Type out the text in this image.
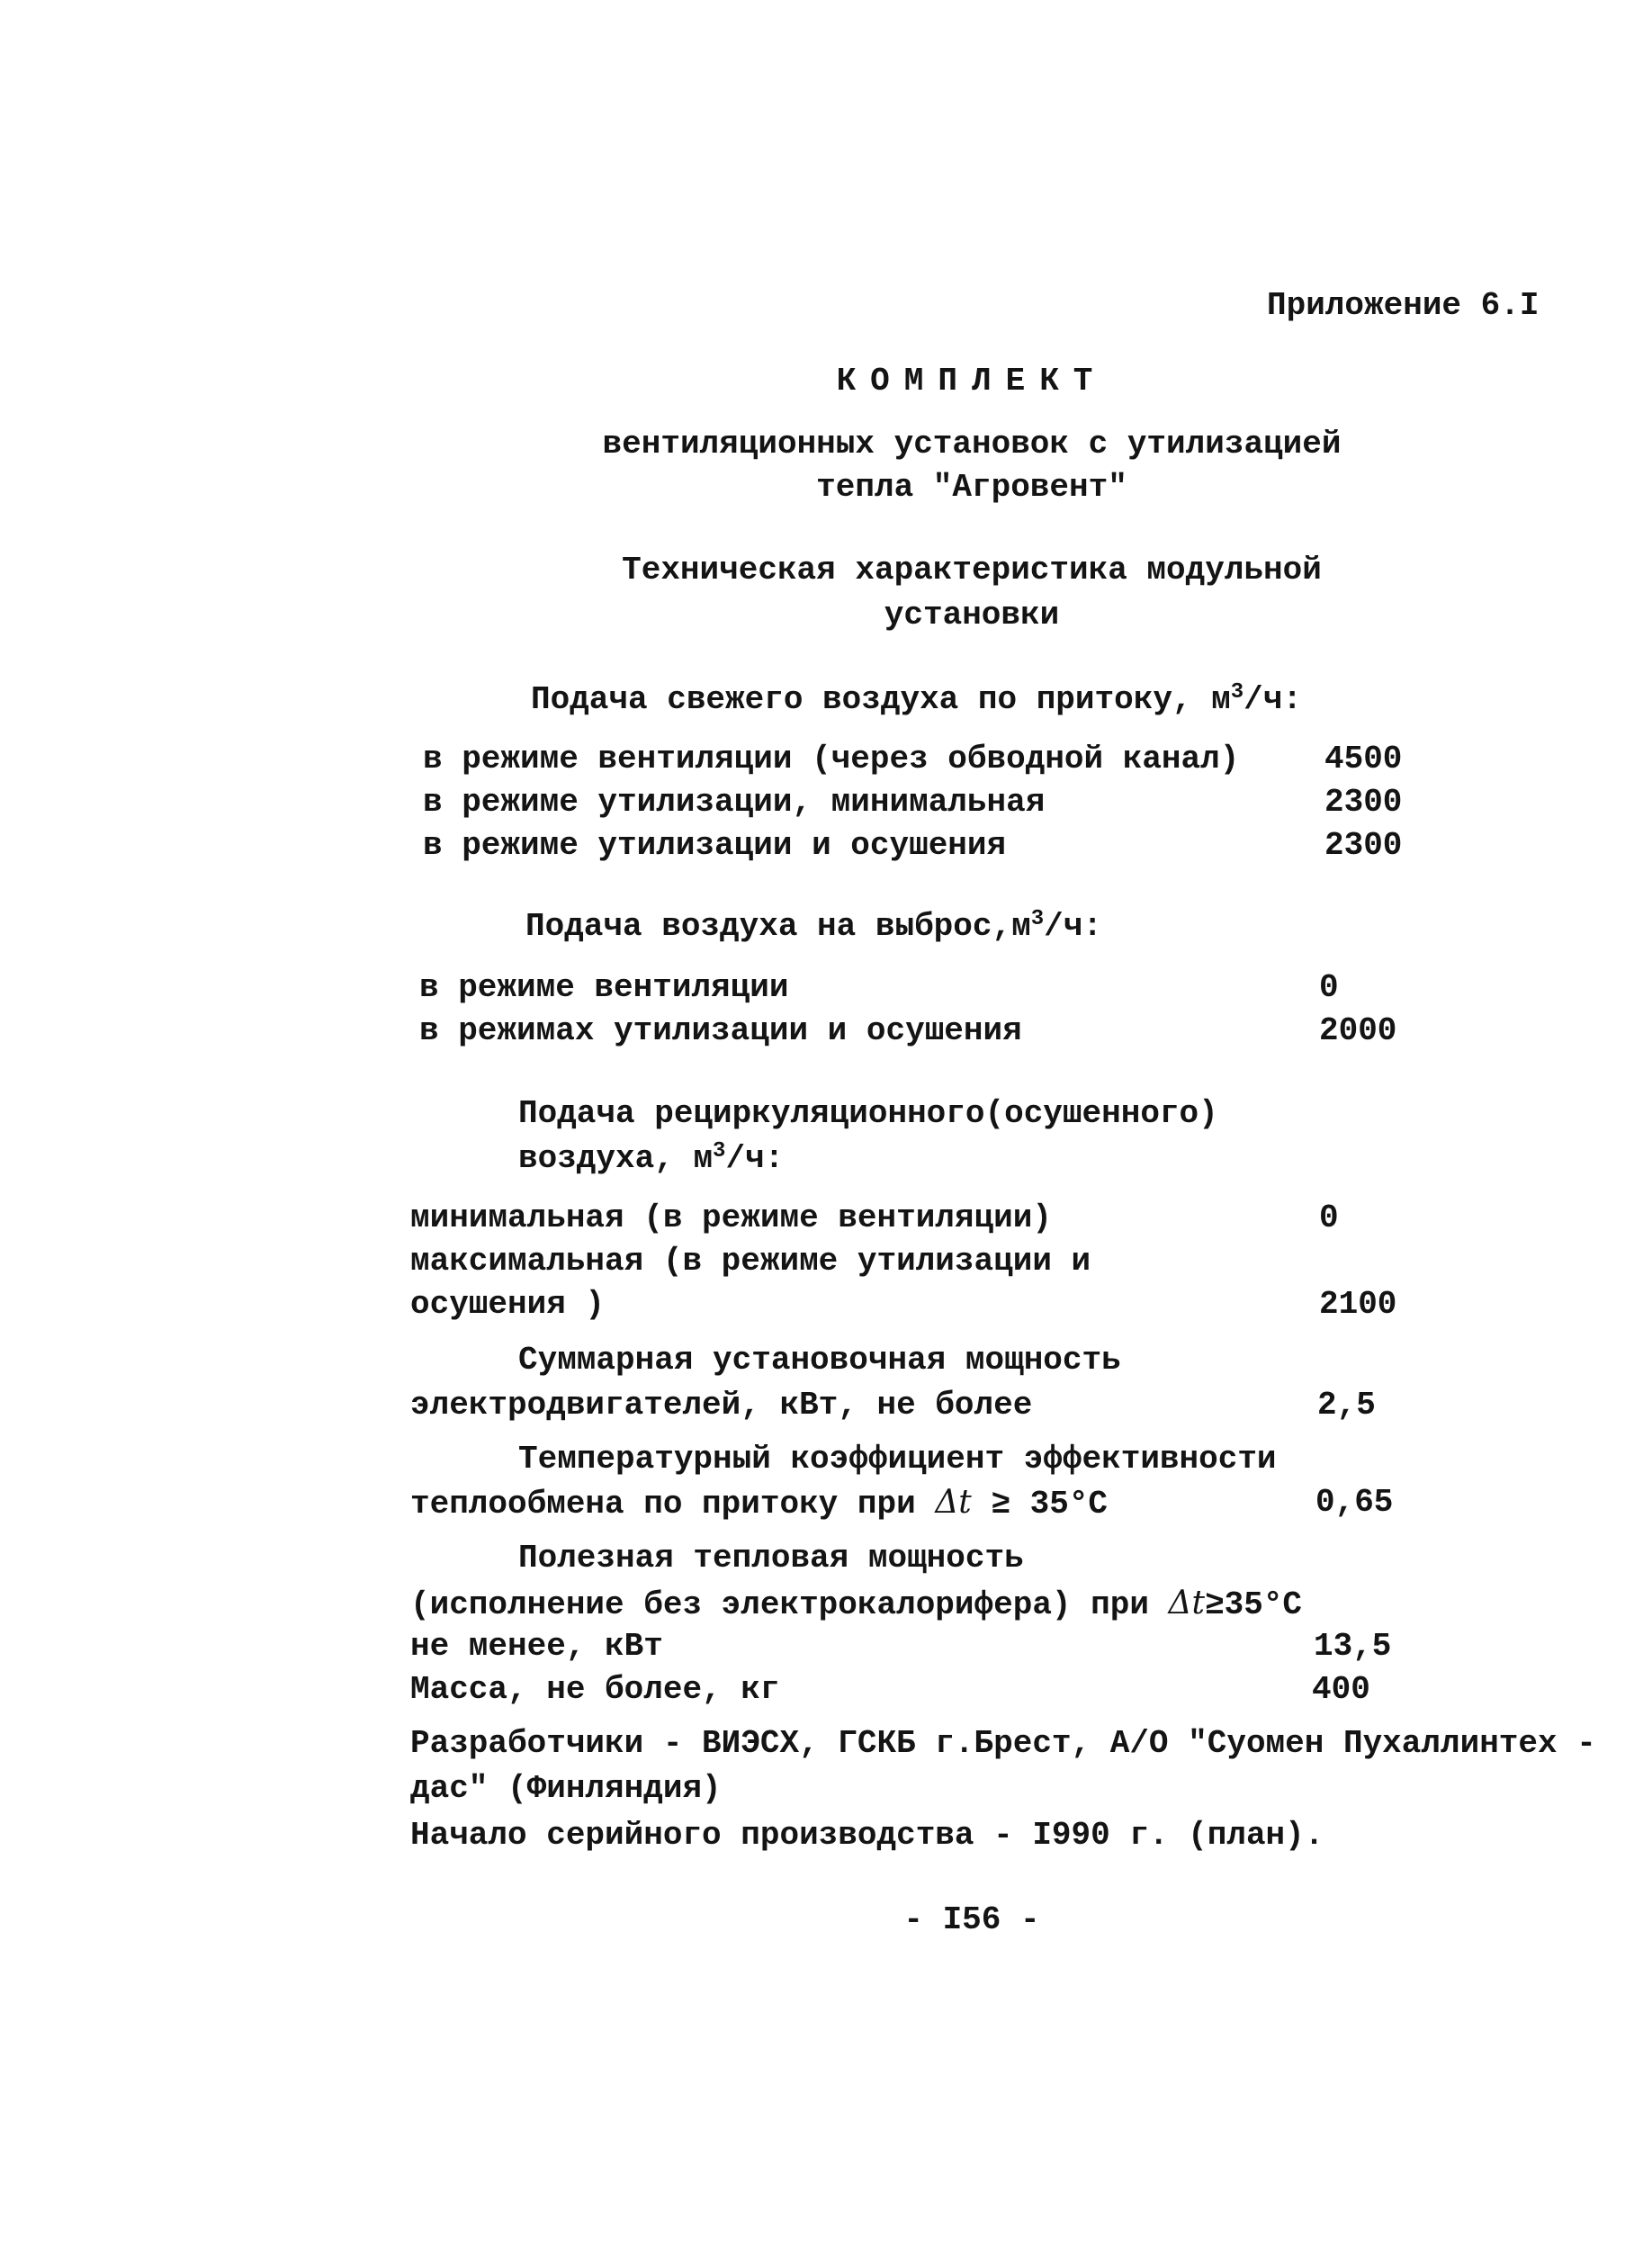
Приложение 6.I
КОМПЛЕКТ
вентиляционных установок с утилизацией
тепла "Агровент"
Техническая характеристика модульной
установки
Подача свежего воздуха по притоку, $м^3/ч$:
в режиме вентиляции (через обводной канал)	4500
в режиме утилизации, минимальная	2300
в режиме утилизации и осушения	2300
Подача воздуха на $выброс,м^3/ч$:
в режиме вентиляции	0
в режимах утилизации и осушения	2000
Подача рециркуляционного(осушенного)
воздуха, $м^3/ч$:
минимальная (в режиме вентиляции)	0
максимальная (в режиме утилизации и
осушения )	2100
Суммарная установочная мощность
электродвигателей, кВт, не более	2,5
Температурный коэффициент эффективности
теплообмена по притоку при Δt ≥ 35°С	0,65
Полезная тепловая мощность
(исполнение без электрокалорифера) при Δt≥35°С
не менее, кВт	13,5
Масса, не более, кг	400
Разработчики - ВИЭСХ, ГСКБ г.Брест, А/О "Суомен Пухаллинтех -
дас" (Финляндия)
Начало серийного производства - I990 г. (план).
- I56 -
